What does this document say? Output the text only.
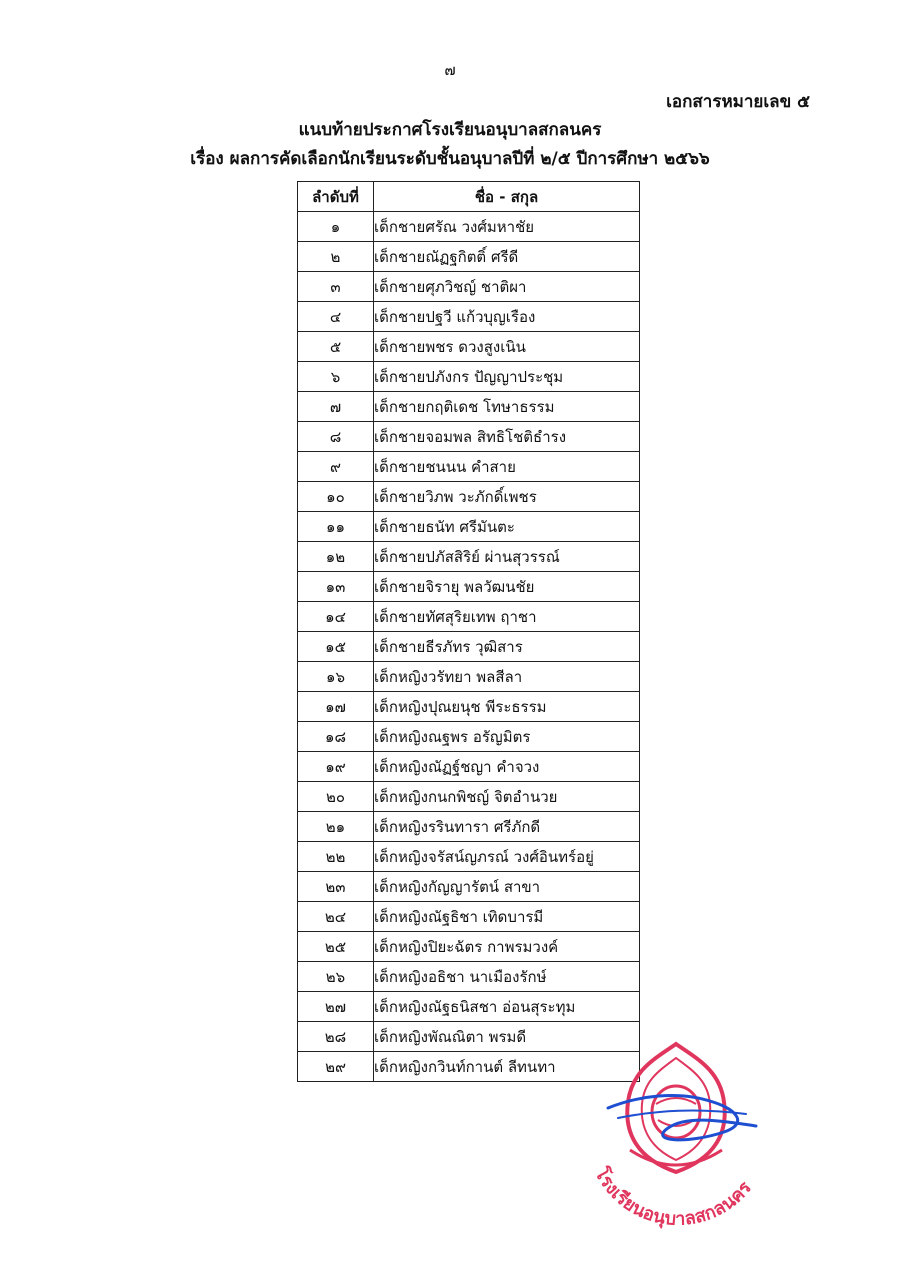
๗
เอกสารหมายเลข ๕
แนบท้ายประกาศโรงเรียนอนุบาลสกลนคร
เรื่อง ผลการคัดเลือกนักเรียนระดับชั้นอนุบาลปีที่ ๒/๕ ปีการศึกษา ๒๕๖๖
ลำดับที่	ชื่อ - สกุล
๑	เด็กชายศรัณ วงศ์มหาชัย
๒	เด็กชายณัฏฐกิตติ์ ศรีดี
๓	เด็กชายศุภวิชญ์ ชาติผา
๔	เด็กชายปฐวี แก้วบุญเรือง
๕	เด็กชายพชร ดวงสูงเนิน
๖	เด็กชายปภังกร ปัญญาประชุม
๗	เด็กชายกฤติเดช โทษาธรรม
๘	เด็กชายจอมพล สิทธิโชติธำรง
๙	เด็กชายชนนน คำสาย
๑๐	เด็กชายวิภพ วะภักดิ์เพชร
๑๑	เด็กชายธนัท ศรีมันตะ
๑๒	เด็กชายปภัสสิริย์ ผ่านสุวรรณ์
๑๓	เด็กชายจิรายุ พลวัฒนชัย
๑๔	เด็กชายทัศสุริยเทพ ฤาชา
๑๕	เด็กชายธีรภัทร วุฒิสาร
๑๖	เด็กหญิงวรัทยา พลสีลา
๑๗	เด็กหญิงปุณยนุช พีระธรรม
๑๘	เด็กหญิงณฐพร อรัญมิตร
๑๙	เด็กหญิงณัฏฐ์ชญา คำจวง
๒๐	เด็กหญิงกนกพิชญ์ จิตอำนวย
๒๑	เด็กหญิงรรินทารา ศรีภักดี
๒๒	เด็กหญิงจรัสน์ญภรณ์ วงศ์อินทร์อยู่
๒๓	เด็กหญิงกัญญารัตน์ สาขา
๒๔	เด็กหญิงณัฐธิชา เทิดบารมี
๒๕	เด็กหญิงปิยะฉัตร กาพรมวงค์
๒๖	เด็กหญิงอธิชา นาเมืองรักษ์
๒๗	เด็กหญิงณัฐธนิสชา อ่อนสุระทุม
๒๘	เด็กหญิงพัณณิตา พรมดี
๒๙	เด็กหญิงกวินท์กานต์ ลีทนทา
โรงเรียนอนุบาลสกลนคร
